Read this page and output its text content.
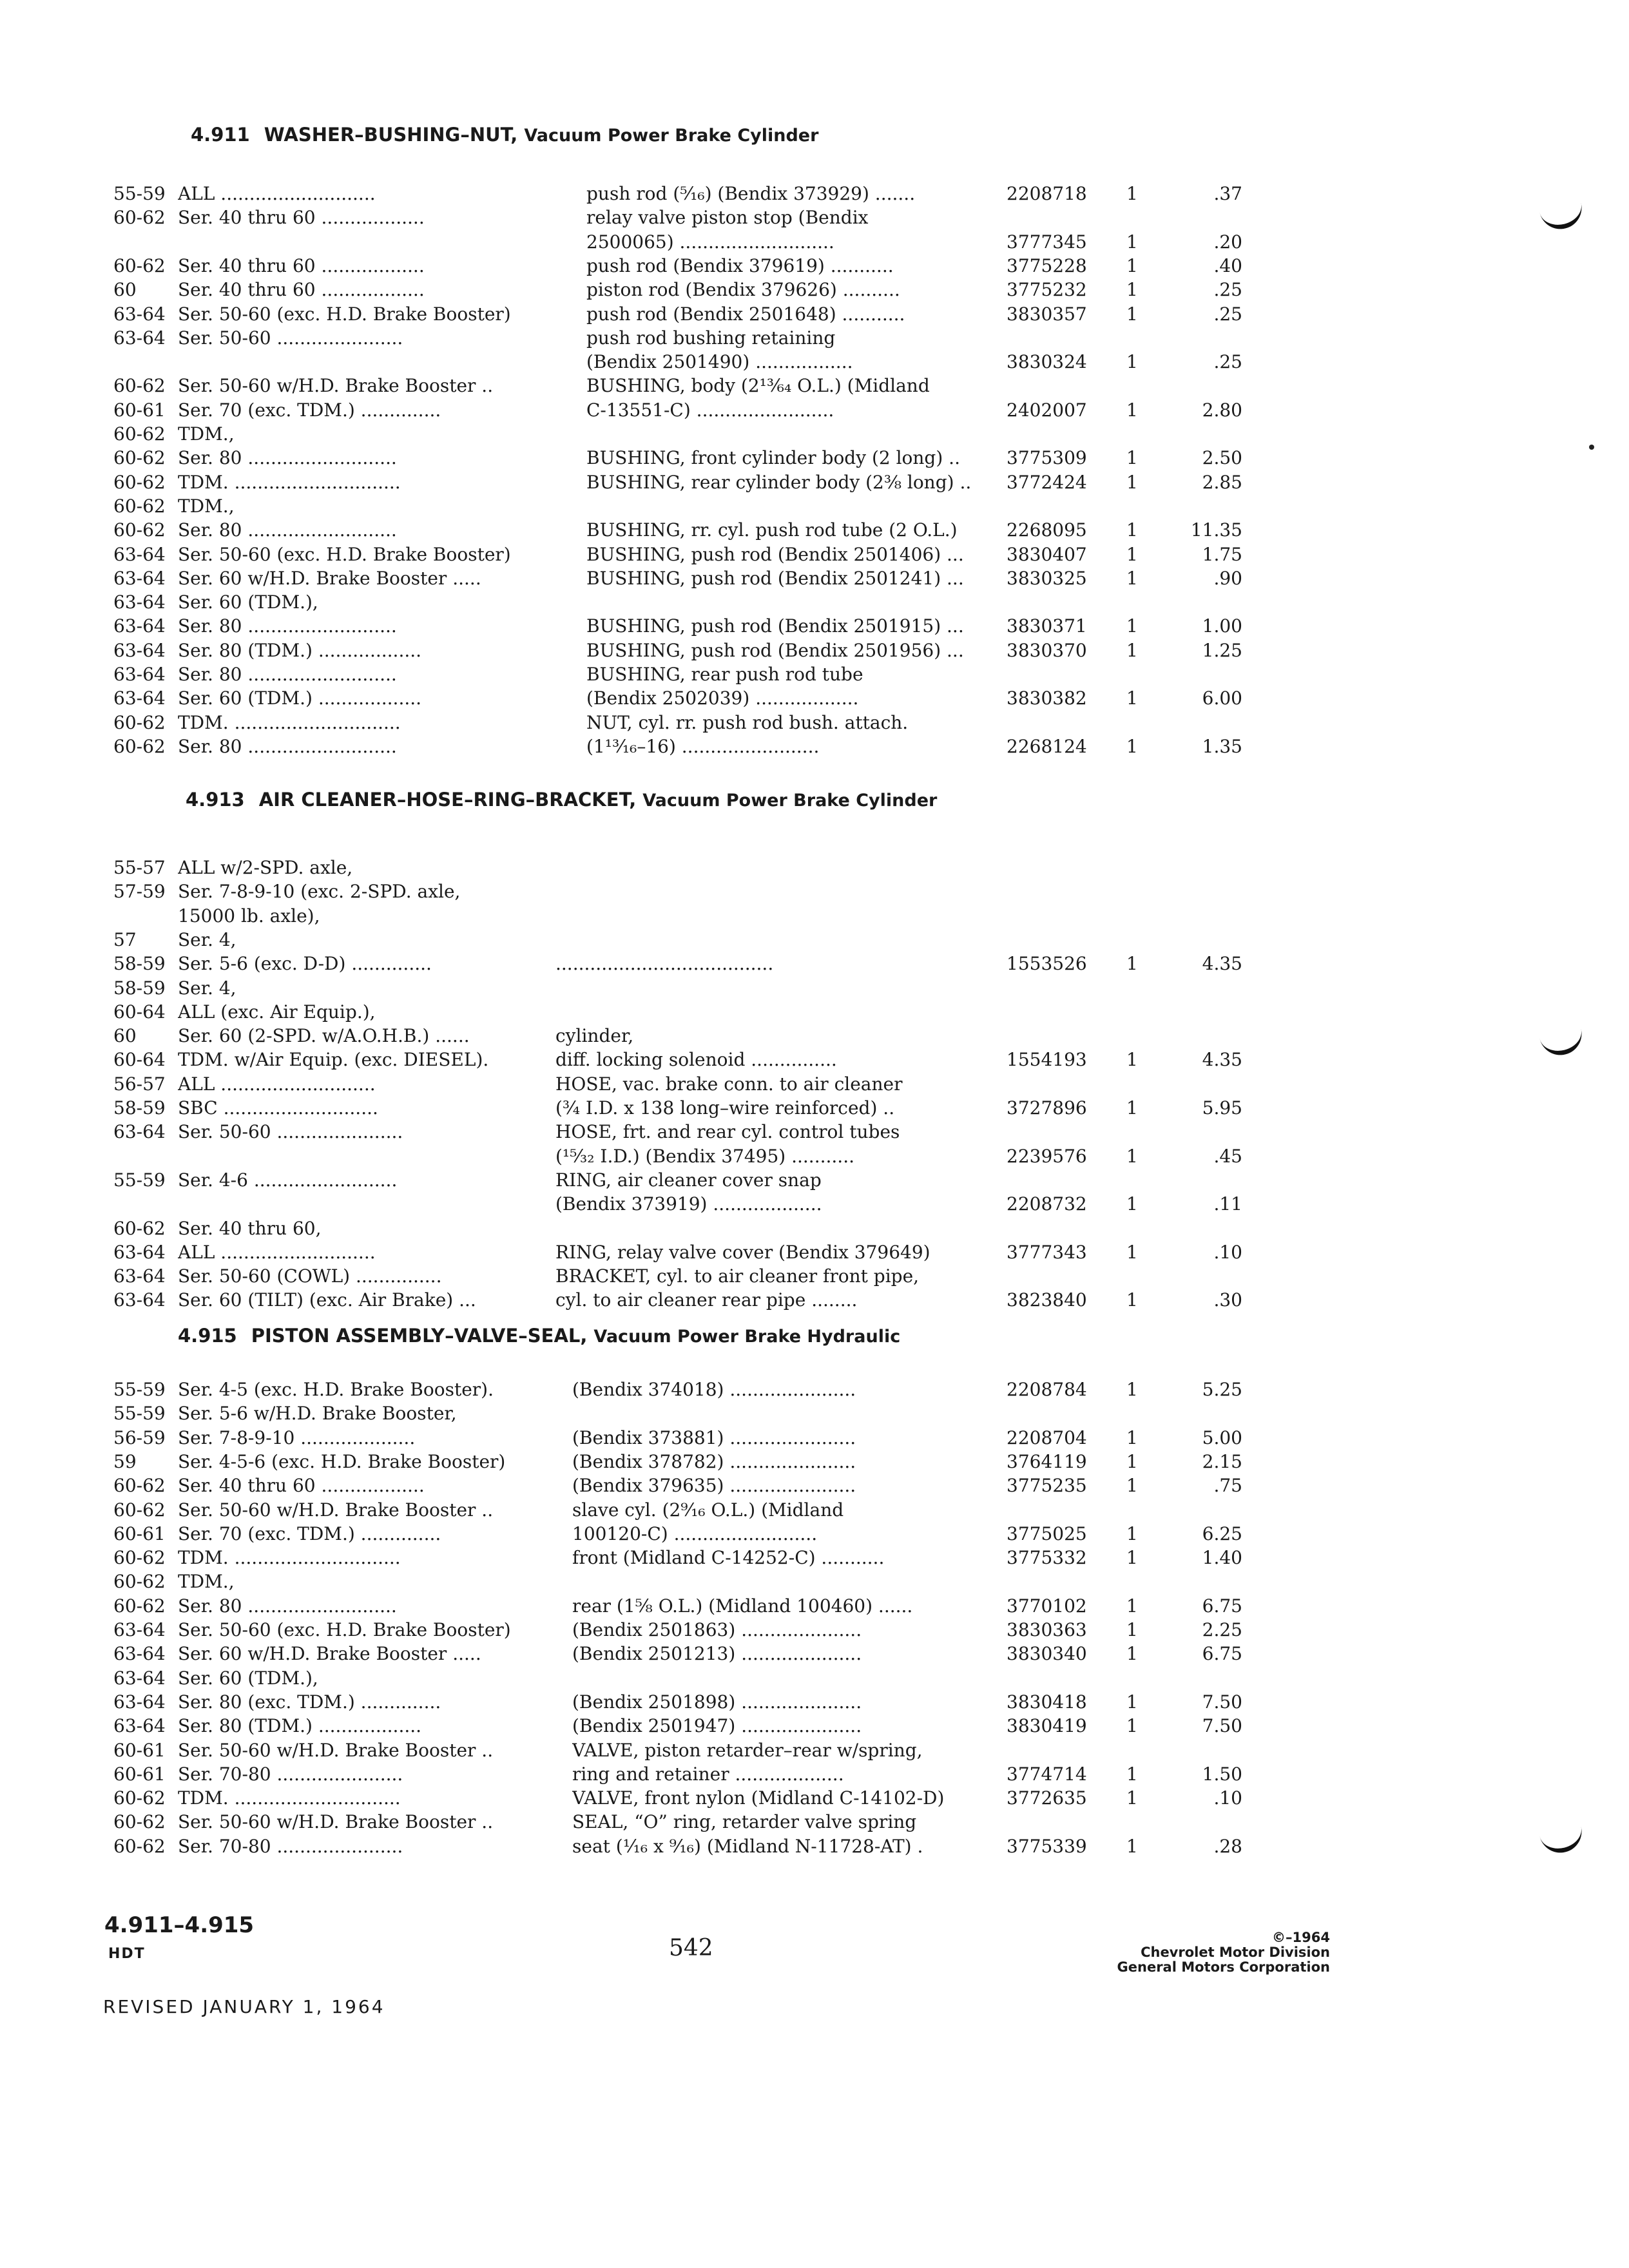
4.911 WASHER–BUSHING–NUT, Vacuum Power Brake Cylinder
4.913 AIR CLEANER–HOSE–RING–BRACKET, Vacuum Power Brake Cylinder
4.915 PISTON ASSEMBLY–VALVE–SEAL, Vacuum Power Brake Hydraulic
55-59 ALL ...........................	push rod (⁵⁄₁₆) (Bendix 373929) .......	2208718	1	.37
60-62 Ser. 40 thru 60 ..................	relay valve piston stop (Bendix
2500065) ...........................	3777345	1	.20
60-62 Ser. 40 thru 60 ..................	push rod (Bendix 379619) ...........	3775228	1	.40
60	Ser. 40 thru 60 ..................	piston rod (Bendix 379626) ..........	3775232	1	.25
63-64 Ser. 50-60 (exc. H.D. Brake Booster)	push rod (Bendix 2501648) ...........	3830357	1	.25
63-64 Ser. 50-60 ......................	push rod bushing retaining
(Bendix 2501490) .................	3830324	1	.25
60-62 Ser. 50-60 w/H.D. Brake Booster ..	BUSHING, body (2¹³⁄₆₄ O.L.) (Midland
60-61 Ser. 70 (exc. TDM.) ..............	C-13551-C) ........................	2402007	1	2.80
60-62 TDM.,
60-62 Ser. 80 ..........................	BUSHING, front cylinder body (2 long) ..	3775309	1	2.50
60-62 TDM. .............................	BUSHING, rear cylinder body (2⅜ long) ..	3772424	1	2.85
60-62 TDM.,
60-62 Ser. 80 ..........................	BUSHING, rr. cyl. push rod tube (2 O.L.)	2268095	1	11.35
63-64 Ser. 50-60 (exc. H.D. Brake Booster)	BUSHING, push rod (Bendix 2501406) ...	3830407	1	1.75
63-64 Ser. 60 w/H.D. Brake Booster .....	BUSHING, push rod (Bendix 2501241) ...	3830325	1	.90
63-64 Ser. 60 (TDM.),
63-64 Ser. 80 ..........................	BUSHING, push rod (Bendix 2501915) ...	3830371	1	1.00
63-64 Ser. 80 (TDM.) ..................	BUSHING, push rod (Bendix 2501956) ...	3830370	1	1.25
63-64 Ser. 80 ..........................	BUSHING, rear push rod tube
63-64 Ser. 60 (TDM.) ..................	(Bendix 2502039) ..................	3830382	1	6.00
60-62 TDM. .............................	NUT, cyl. rr. push rod bush. attach.
60-62 Ser. 80 ..........................	(1¹³⁄₁₆–16) ........................	2268124	1	1.35
55-57 ALL w/2-SPD. axle,
57-59 Ser. 7-8-9-10 (exc. 2-SPD. axle,
15000 lb. axle),
57	Ser. 4,
58-59 Ser. 5-6 (exc. D-D) ..............	......................................	1553526	1	4.35
58-59 Ser. 4,
60-64 ALL (exc. Air Equip.),
60	Ser. 60 (2-SPD. w/A.O.H.B.) ......	cylinder,
60-64 TDM. w/Air Equip. (exc. DIESEL).	diff. locking solenoid ...............	1554193	1	4.35
56-57 ALL ...........................	HOSE, vac. brake conn. to air cleaner
58-59 SBC ...........................	(¾ I.D. x 138 long–wire reinforced) ..	3727896	1	5.95
63-64 Ser. 50-60 ......................	HOSE, frt. and rear cyl. control tubes
(¹⁵⁄₃₂ I.D.) (Bendix 37495) ...........	2239576	1	.45
55-59 Ser. 4-6 .........................	RING, air cleaner cover snap
(Bendix 373919) ...................	2208732	1	.11
60-62 Ser. 40 thru 60,
63-64 ALL ...........................	RING, relay valve cover (Bendix 379649)	3777343	1	.10
63-64 Ser. 50-60 (COWL) ...............	BRACKET, cyl. to air cleaner front pipe,
63-64 Ser. 60 (TILT) (exc. Air Brake) ...	cyl. to air cleaner rear pipe ........	3823840	1	.30
55-59 Ser. 4-5 (exc. H.D. Brake Booster).	(Bendix 374018) ......................	2208784	1	5.25
55-59 Ser. 5-6 w/H.D. Brake Booster,
56-59 Ser. 7-8-9-10 ....................	(Bendix 373881) ......................	2208704	1	5.00
59	Ser. 4-5-6 (exc. H.D. Brake Booster)	(Bendix 378782) ......................	3764119	1	2.15
60-62 Ser. 40 thru 60 ..................	(Bendix 379635) ......................	3775235	1	.75
60-62 Ser. 50-60 w/H.D. Brake Booster ..	slave cyl. (2⁹⁄₁₆ O.L.) (Midland
60-61 Ser. 70 (exc. TDM.) ..............	100120-C) .........................	3775025	1	6.25
60-62 TDM. .............................	front (Midland C-14252-C) ...........	3775332	1	1.40
60-62 TDM.,
60-62 Ser. 80 ..........................	rear (1⅝ O.L.) (Midland 100460) ......	3770102	1	6.75
63-64 Ser. 50-60 (exc. H.D. Brake Booster)	(Bendix 2501863) .....................	3830363	1	2.25
63-64 Ser. 60 w/H.D. Brake Booster .....	(Bendix 2501213) .....................	3830340	1	6.75
63-64 Ser. 60 (TDM.),
63-64 Ser. 80 (exc. TDM.) ..............	(Bendix 2501898) .....................	3830418	1	7.50
63-64 Ser. 80 (TDM.) ..................	(Bendix 2501947) .....................	3830419	1	7.50
60-61 Ser. 50-60 w/H.D. Brake Booster ..	VALVE, piston retarder–rear w/spring,
60-61 Ser. 70-80 ......................	ring and retainer ...................	3774714	1	1.50
60-62 TDM. .............................	VALVE, front nylon (Midland C-14102-D)	3772635	1	.10
60-62 Ser. 50-60 w/H.D. Brake Booster ..	SEAL, “O” ring, retarder valve spring
60-62 Ser. 70-80 ......................	seat (¹⁄₁₆ x ⁹⁄₁₆) (Midland N-11728-AT) .	3775339	1	.28
4.911–4.915
HDT	542
REVISED JANUARY 1, 1964
©–1964
Chevrolet Motor Division
General Motors Corporation
